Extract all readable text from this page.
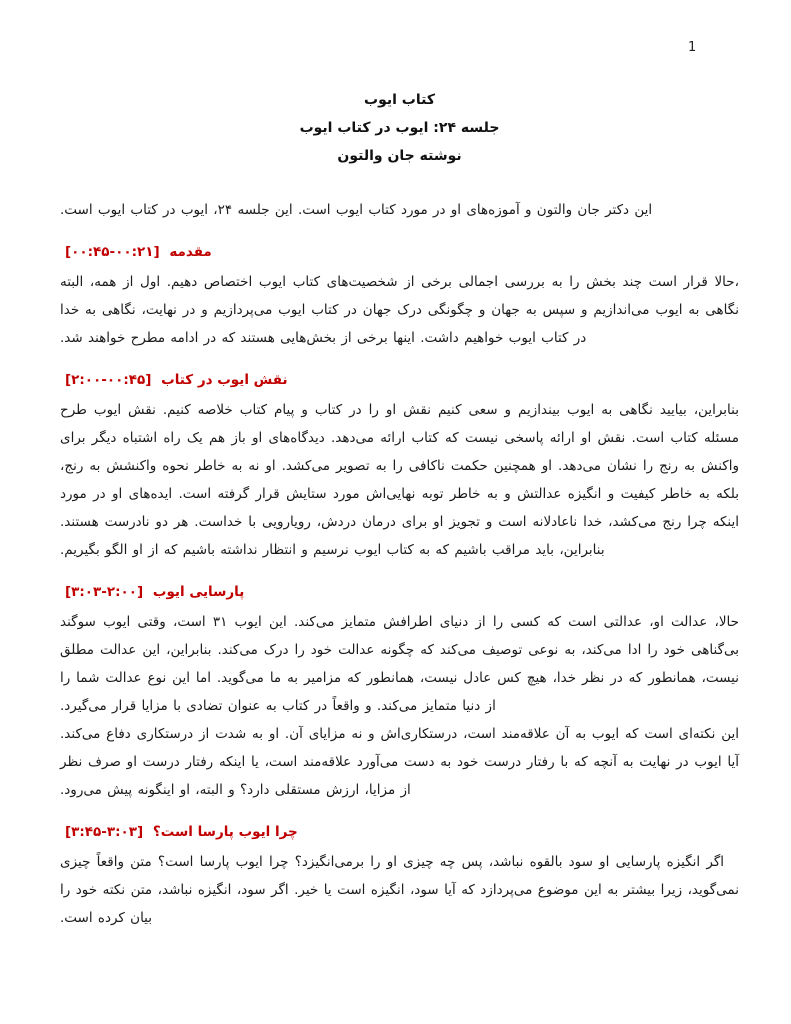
1
کتاب ایوب
جلسه ۲۴: ایوب در کتاب ایوب
نوشته جان والتون

این دکتر جان والتون و آموزه‌های او در مورد کتاب ایوب است. این جلسه ۲۴، ایوب در کتاب ایوب است.

مقدمه [۰۰:۴۵-۰۰:۲۱]

،حالا قرار است چند بخش را به بررسی اجمالی برخی از شخصیت‌های کتاب ایوب اختصاص دهیم. اول از همه، البته نگاهی به ایوب می‌اندازیم و سپس به جهان و چگونگی درک جهان در کتاب ایوب می‌پردازیم و در نهایت، نگاهی به خدا در کتاب ایوب خواهیم داشت. اینها برخی از بخش‌هایی هستند که در ادامه مطرح خواهند شد.

نقش ایوب در کتاب [۲:۰۰-۰۰:۴۵]

بنابراین، بیایید نگاهی به ایوب بیندازیم و سعی کنیم نقش او را در کتاب و پیام کتاب خلاصه کنیم. نقش ایوب طرح مسئله کتاب است. نقش او ارائه پاسخی نیست که کتاب ارائه می‌دهد. دیدگاه‌های او باز هم یک راه اشتباه دیگر برای واکنش به رنج را نشان می‌دهد. او همچنین حکمت ناکافی را به تصویر می‌کشد. او نه به خاطر نحوه واکنشش به رنج، بلکه به خاطر کیفیت و انگیزه عدالتش و به خاطر توبه نهایی‌اش مورد ستایش قرار گرفته است. ایده‌های او در مورد اینکه چرا رنج می‌کشد، خدا ناعادلانه است و تجویز او برای درمان دردش، رویارویی با خداست. هر دو نادرست هستند. بنابراین، باید مراقب باشیم که به کتاب ایوب نرسیم و انتظار نداشته باشیم که از او الگو بگیریم.

پارسایی ایوب [۳:۰۳-۲:۰۰]

حالا، عدالت او، عدالتی است که کسی را از دنیای اطرافش متمایز می‌کند. این ایوب ۳۱ است، وقتی ایوب سوگند بی‌گناهی خود را ادا می‌کند، به نوعی توصیف می‌کند که چگونه عدالت خود را درک می‌کند. بنابراین، این عدالت مطلق نیست، همانطور که در نظر خدا، هیچ کس عادل نیست، همانطور که مزامیر به ما می‌گوید. اما این نوع عدالت شما را از دنیا متمایز می‌کند. و واقعاً در کتاب به عنوان تضادی با مزایا قرار می‌گیرد.

این نکته‌ای است که ایوب به آن علاقه‌مند است، درستکاری‌اش و نه مزایای آن. او به شدت از درستکاری دفاع می‌کند. آیا ایوب در نهایت به آنچه که با رفتار درست خود به دست می‌آورد علاقه‌مند است، یا اینکه رفتار درست او صرف نظر از مزایا، ارزش مستقلی دارد؟ و البته، او اینگونه پیش می‌رود.

چرا ایوب پارسا است؟ [۳:۴۵-۳:۰۳]

اگر انگیزه پارسایی او سود بالقوه نباشد، پس چه چیزی او را برمی‌انگیزد؟ چرا ایوب پارسا است؟ متن واقعاً چیزی نمی‌گوید، زیرا بیشتر به این موضوع می‌پردازد که آیا سود، انگیزه است یا خیر. اگر سود، انگیزه نباشد، متن نکته خود را بیان کرده است.
